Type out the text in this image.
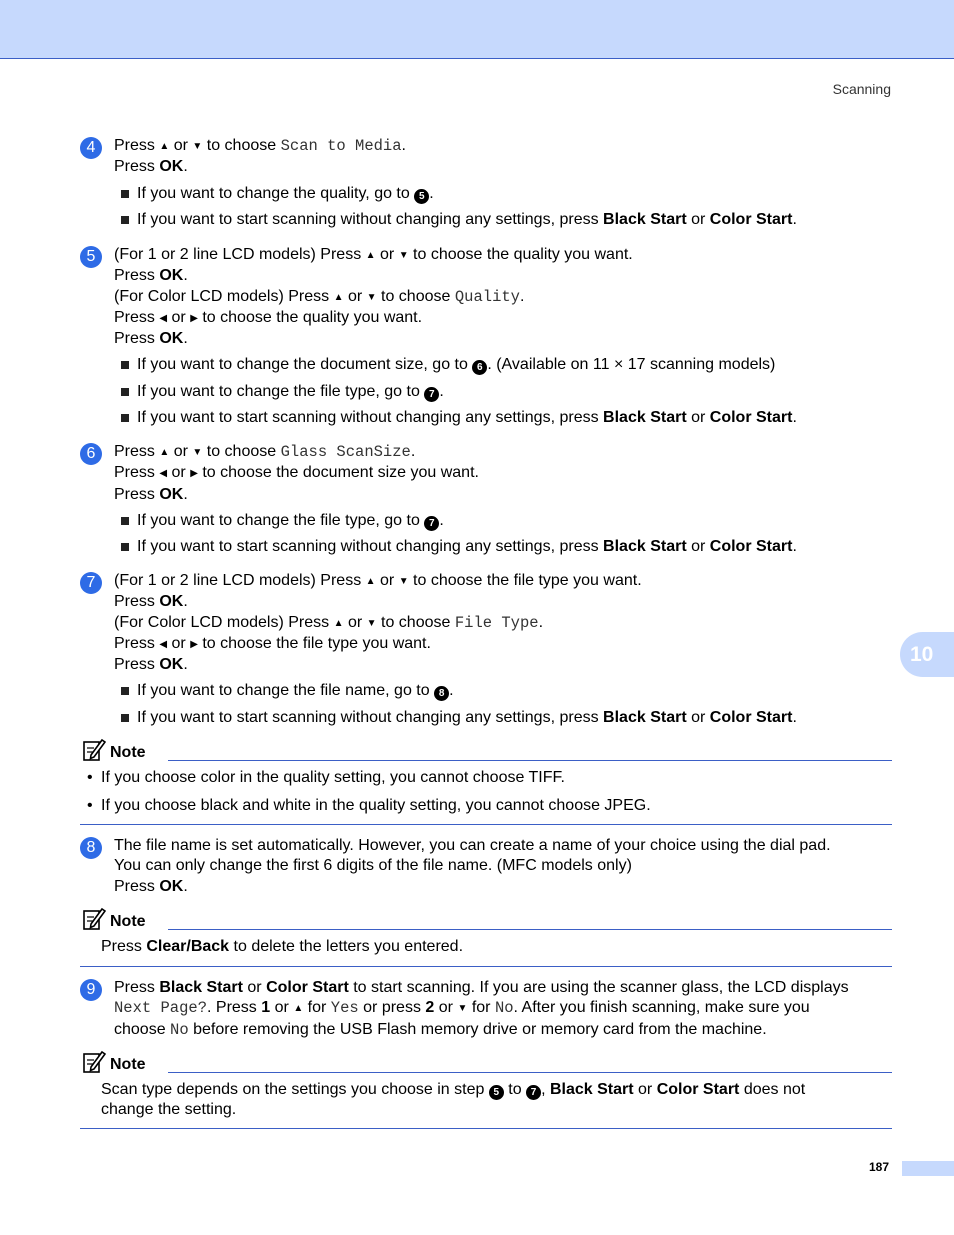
Scanning
4	Press ▲ or ▼ to choose Scan to Media.
Press OK.
If you want to change the quality, go to 5 .
If you want to start scanning without changing any settings, press Black Start or Color Start.
5	(For 1 or 2 line LCD models) Press ▲ or ▼ to choose the quality you want.
Press OK.
(For Color LCD models) Press ▲ or ▼ to choose Quality.
Press ◀ or ▶ to choose the quality you want.
Press OK.
If you want to change the document size, go to 6 . (Available on 11 × 17 scanning models)
If you want to change the file type, go to 7 .
If you want to start scanning without changing any settings, press Black Start or Color Start.
6	Press ▲ or ▼ to choose Glass ScanSize.
Press ◀ or ▶ to choose the document size you want.
Press OK.
If you want to change the file type, go to 7 .
If you want to start scanning without changing any settings, press Black Start or Color Start.
7	(For 1 or 2 line LCD models) Press ▲ or ▼ to choose the file type you want.
Press OK.
(For Color LCD models) Press ▲ or ▼ to choose File Type.
Press ◀ or ▶ to choose the file type you want.
Press OK.
If you want to change the file name, go to 8 .
If you want to start scanning without changing any settings, press Black Start or Color Start.
Note
• If you choose color in the quality setting, you cannot choose TIFF.
• If you choose black and white in the quality setting, you cannot choose JPEG.
8	The file name is set automatically. However, you can create a name of your choice using the dial pad.
You can only change the first 6 digits of the file name. (MFC models only)
Press OK.
Note
Press Clear/Back to delete the letters you entered.
9	Press Black Start or Color Start to start scanning. If you are using the scanner glass, the LCD displays
Next Page?. Press 1 or ▲ for Yes or press 2 or ▼ for No. After you finish scanning, make sure you
choose No before removing the USB Flash memory drive or memory card from the machine.
Note
Scan type depends on the settings you choose in step 5 to 7 , Black Start or Color Start does not
change the setting.
10
187
